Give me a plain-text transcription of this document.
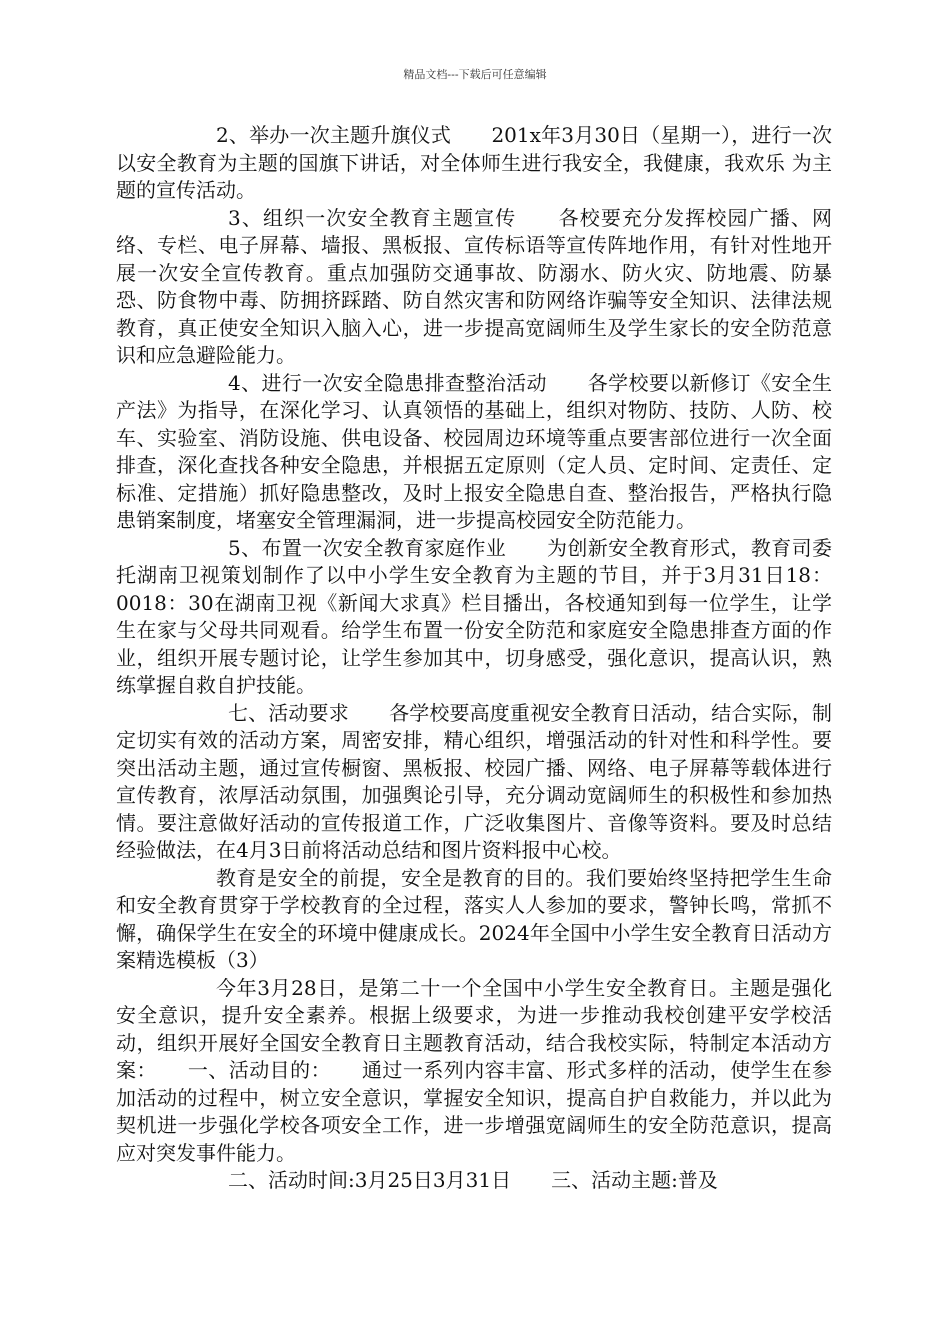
精品文档---下载后可任意编辑

2、举办一次主题升旗仪式　　201x年3月30日（星期一），进行一次以安全教育为主题的国旗下讲话，对全体师生进行我安全，我健康，我欢乐 为主题的宣传活动。

3、组织一次安全教育主题宣传　　各校要充分发挥校园广播、网络、专栏、电子屏幕、墙报、黑板报、宣传标语等宣传阵地作用，有针对性地开展一次安全宣传教育。重点加强防交通事故、防溺水、防火灾、防地震、防暴恐、防食物中毒、防拥挤踩踏、防自然灾害和防网络诈骗等安全知识、法律法规教育，真正使安全知识入脑入心，进一步提高宽阔师生及学生家长的安全防范意识和应急避险能力。

4、进行一次安全隐患排查整治活动　　各学校要以新修订《安全生产法》为指导，在深化学习、认真领悟的基础上，组织对物防、技防、人防、校车、实验室、消防设施、供电设备、校园周边环境等重点要害部位进行一次全面排查，深化查找各种安全隐患，并根据五定原则（定人员、定时间、定责任、定标准、定措施）抓好隐患整改，及时上报安全隐患自查、整治报告，严格执行隐患销案制度，堵塞安全管理漏洞，进一步提高校园安全防范能力。

5、布置一次安全教育家庭作业　　为创新安全教育形式，教育司委托湖南卫视策划制作了以中小学生安全教育为主题的节目，并于3月31日18：0018：30在湖南卫视《新闻大求真》栏目播出，各校通知到每一位学生，让学生在家与父母共同观看。给学生布置一份安全防范和家庭安全隐患排查方面的作业，组织开展专题讨论，让学生参加其中，切身感受，强化意识，提高认识，熟练掌握自救自护技能。

七、活动要求　　各学校要高度重视安全教育日活动，结合实际，制定切实有效的活动方案，周密安排，精心组织，增强活动的针对性和科学性。要突出活动主题，通过宣传橱窗、黑板报、校园广播、网络、电子屏幕等载体进行宣传教育，浓厚活动氛围，加强舆论引导，充分调动宽阔师生的积极性和参加热情。要注意做好活动的宣传报道工作，广泛收集图片、音像等资料。要及时总结经验做法，在4月3日前将活动总结和图片资料报中心校。

教育是安全的前提，安全是教育的目的。我们要始终坚持把学生生命和安全教育贯穿于学校教育的全过程，落实人人参加的要求，警钟长鸣，常抓不懈，确保学生在安全的环境中健康成长。2024年全国中小学生安全教育日活动方案精选模板（3）

今年3月28日，是第二十一个全国中小学生安全教育日。主题是强化安全意识，提升安全素养。根据上级要求，为进一步推动我校创建平安学校活动，组织开展好全国安全教育日主题教育活动，结合我校实际，特制定本活动方案：　　一、活动目的：　　通过一系列内容丰富、形式多样的活动，使学生在参加活动的过程中，树立安全意识，掌握安全知识，提高自护自救能力，并以此为契机进一步强化学校各项安全工作，进一步增强宽阔师生的安全防范意识，提高应对突发事件能力。

二、活动时间:3月25日3月31日　　三、活动主题:普及
